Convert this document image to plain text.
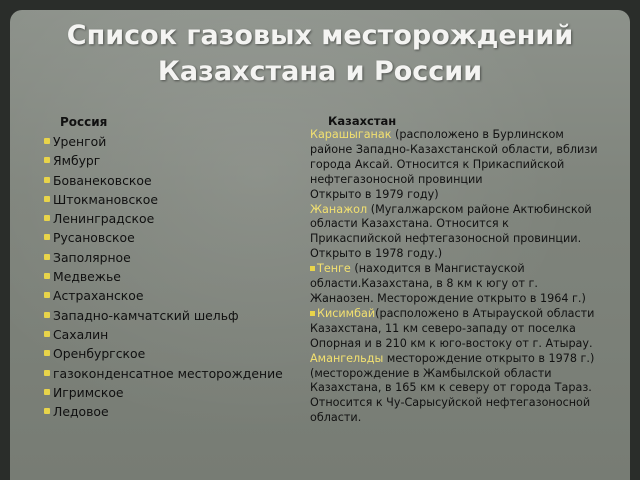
Список газовых месторождений
Казахстана и России
Россия
Уренгой
Ямбург
Бованековское
Штокмановское
Ленинградское
Русановское
Заполярное
Медвежье
Астраханское
Западно-камчатский шельф
Сахалин
Оренбургское
газоконденсатное месторождение
Игримское
Ледовое
Казахстан

Карашыганак (расположено в Бурлинском районе Западно-Казахстанской области, вблизи города Аксай. Относится к Прикаспийской нефтегазоносной провинции

Открыто в 1979 году)

Жанажол (Мугалжарском районе Актюбинской области Казахстана. Относится к Прикаспийской нефтегазоносной провинции.

Открыто в 1978 году.)

Тенге (находится в Мангистауской области.Казахстана, в 8 км к югу от г. Жанаозен. Месторождение открыто в 1964 г.)

Кисимбай(расположено в Атырауской области Казахстана, 11 км северо-западу от поселка Опорная и в 210 км к юго-востоку от г. Атырау. Амангельды месторождение открыто в 1978 г.) (месторождение в Жамбылской области Казахстана, в 165 км к северу от города Тараз. Относится к Чу-Сарысуйской нефтегазоносной области.
